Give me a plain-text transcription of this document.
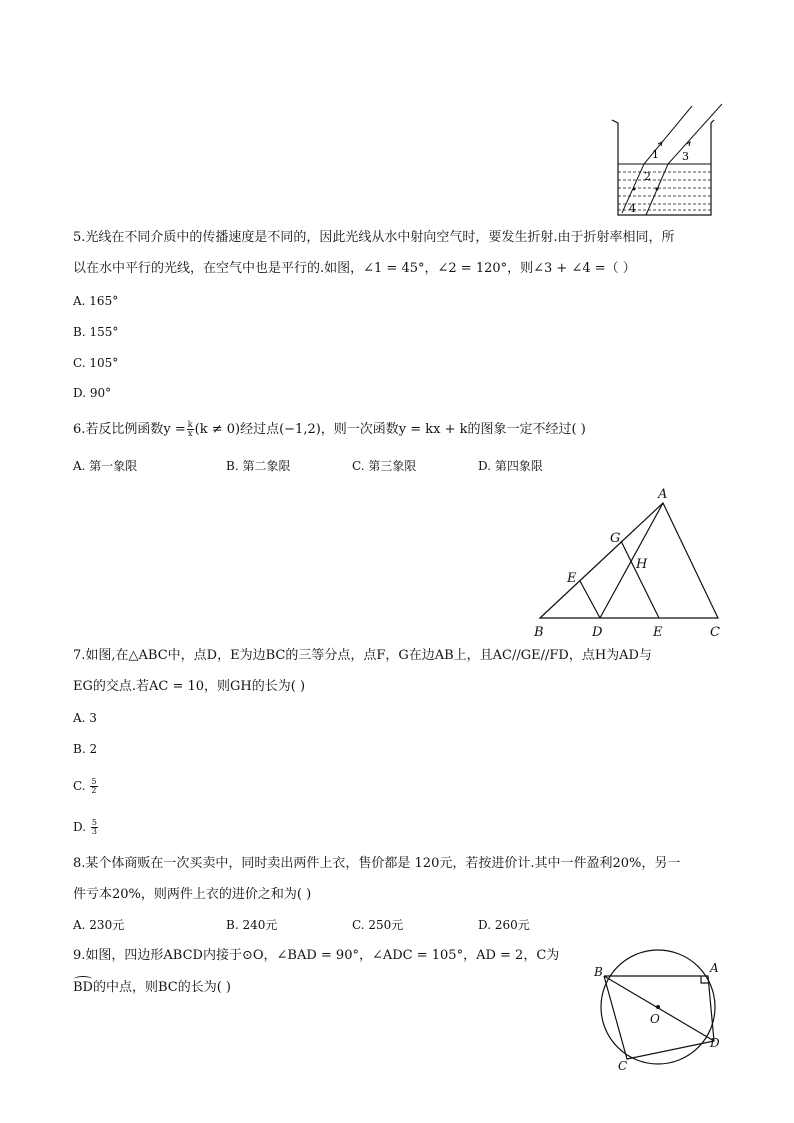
1
2
3
4
5.光线在不同介质中的传播速度是不同的，因此光线从水中射向空气时，要发生折射.由于折射率相同，所
以在水中平行的光线，在空气中也是平行的.如图，∠1 = 45°，∠2 = 120°，则∠3 + ∠4 =（ ）
A. 165°
B. 155°
C. 105°
D. 90°
6.若反比例函数$y = \frac{k}{x} (k \ne 0)$经过点(−1,2)，则一次函数y = kx + k的图象一定不经过( )
A. 第一象限	B. 第二象限	C. 第三象限	D. 第四象限
A
G
H
E
B	D	E	C
7.如图,在△ABC中，点D，E为边BC的三等分点，点F，G在边AB上，且AC//GE//FD，点H为AD与
EG的交点.若AC = 10，则GH的长为( )
A. 3
B. 2
C. $\frac{5}{2}$
D. $\frac{5}{3}$
8.某个体商贩在一次买卖中，同时卖出两件上衣，售价都是 120元，若按进价计.其中一件盈利20%，另一
件亏本20%，则两件上衣的进价之和为( )
A. 230元	B. 240元	C. 250元	D. 260元
9.如图，四边形ABCD内接于⊙O，∠BAD = 90°，∠ADC = 105°，AD = 2，C为
BD的中点，则BC的长为( )
B	A
O
D
C
